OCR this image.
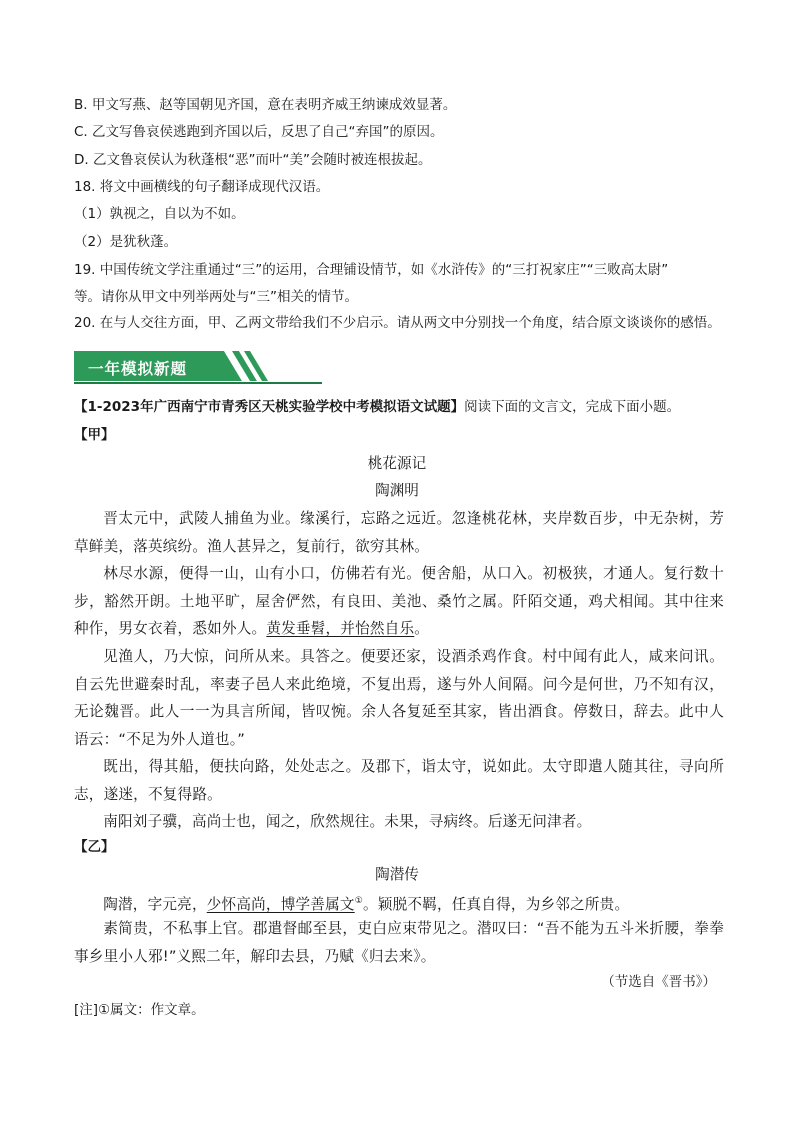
B. 甲文写燕、赵等国朝见齐国，意在表明齐威王纳谏成效显著。
C. 乙文写鲁哀侯逃跑到齐国以后，反思了自己“弃国”的原因。
D. 乙文鲁哀侯认为秋蓬根“恶”而叶“美”会随时被连根拔起。
18. 将文中画横线的句子翻译成现代汉语。
（1）孰视之，自以为不如。
（2）是犹秋蓬。
19. 中国传统文学注重通过“三”的运用，合理铺设情节，如《水浒传》的“三打祝家庄”“三败高太尉”
等。请你从甲文中列举两处与“三”相关的情节。
20. 在与人交往方面，甲、乙两文带给我们不少启示。请从两文中分别找一个角度，结合原文谈谈你的感悟。
一年模拟新题
【1-2023年广西南宁市青秀区天桃实验学校中考模拟语文试题】阅读下面的文言文，完成下面小题。
【甲】
桃花源记
陶渊明
晋太元中，武陵人捕鱼为业。缘溪行，忘路之远近。忽逢桃花林，夹岸数百步，中无杂树，芳草鲜美，落英缤纷。渔人甚异之，复前行，欲穷其林。
林尽水源，便得一山，山有小口，仿佛若有光。便舍船，从口入。初极狭，才通人。复行数十步，豁然开朗。土地平旷，屋舍俨然，有良田、美池、桑竹之属。阡陌交通，鸡犬相闻。其中往来种作，男女衣着，悉如外人。黄发垂髫，并怡然自乐。
见渔人，乃大惊，问所从来。具答之。便要还家，设酒杀鸡作食。村中闻有此人，咸来问讯。自云先世避秦时乱，率妻子邑人来此绝境，不复出焉，遂与外人间隔。问今是何世，乃不知有汉，无论魏晋。此人一一为具言所闻，皆叹惋。余人各复延至其家，皆出酒食。停数日，辞去。此中人语云：“不足为外人道也。”
既出，得其船，便扶向路，处处志之。及郡下，诣太守，说如此。太守即遣人随其往，寻向所志，遂迷，不复得路。
南阳刘子骥，高尚士也，闻之，欣然规往。未果，寻病终。后遂无问津者。
【乙】
陶潜传
陶潜，字元亮，少怀高尚，博学善属文①。颖脱不羁，任真自得，为乡邻之所贵。
素简贵，不私事上官。郡遣督邮至县，吏白应束带见之。潜叹曰：“吾不能为五斗米折腰，拳拳事乡里小人邪!”义熙二年，解印去县，乃赋《归去来》。
（节选自《晋书》）
[注]①属文：作文章。
